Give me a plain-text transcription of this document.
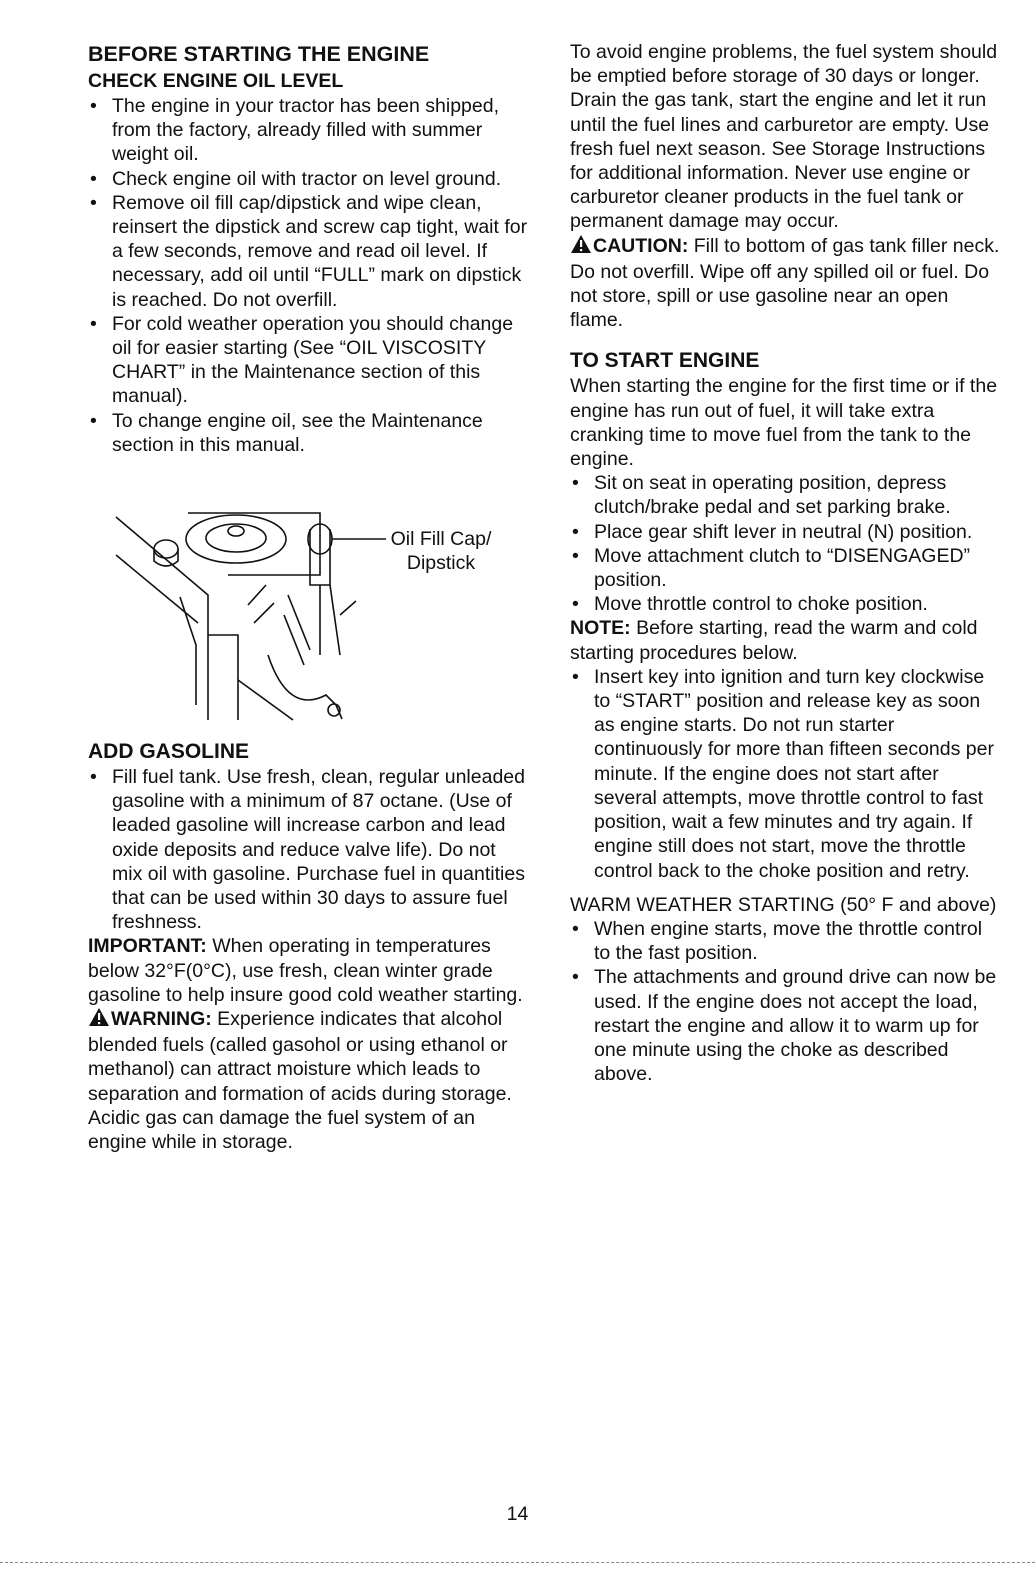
BEFORE STARTING THE ENGINE
CHECK ENGINE OIL LEVEL
• The engine in your tractor has been shipped, from the factory, already filled with summer weight oil.
• Check engine oil with tractor on level ground.
• Remove oil fill cap/dipstick and wipe clean, reinsert the dipstick and screw cap tight, wait for a few seconds, remove and read oil level. If necessary, add oil until “FULL” mark on dipstick is reached. Do not overfill.
• For cold weather operation you should change oil for easier starting (See “OIL VISCOSITY CHART” in the Maintenance section of this manual).
• To change engine oil, see the Maintenance section in this manual.
Oil Fill Cap/ Dipstick
ADD GASOLINE
• Fill fuel tank. Use fresh, clean, regular unleaded gasoline with a minimum of 87 octane. (Use of leaded gasoline will increase carbon and lead oxide deposits and reduce valve life). Do not mix oil with gasoline. Purchase fuel in quantities that can be used within 30 days to assure fuel freshness.

IMPORTANT: When operating in temperatures below 32°F(0°C), use fresh, clean winter grade gasoline to help insure good cold weather starting.

WARNING: Experience indicates that alcohol blended fuels (called gasohol or using ethanol or methanol) can attract moisture which leads to separation and formation of acids during storage. Acidic gas can damage the fuel system of an engine while in storage.

To avoid engine problems, the fuel system should be emptied before storage of 30 days or longer. Drain the gas tank, start the engine and let it run until the fuel lines and carburetor are empty. Use fresh fuel next season. See Storage Instructions for additional information. Never use engine or carburetor cleaner products in the fuel tank or permanent damage may occur.

CAUTION: Fill to bottom of gas tank filler neck. Do not overfill. Wipe off any spilled oil or fuel. Do not store, spill or use gasoline near an open flame.

TO START ENGINE

When starting the engine for the first time or if the engine has run out of fuel, it will take extra cranking time to move fuel from the tank to the engine.

• Sit on seat in operating position, depress clutch/brake pedal and set parking brake.
• Place gear shift lever in neutral (N) position.
• Move attachment clutch to “DISENGAGED” position.
• Move throttle control to choke position.

NOTE: Before starting, read the warm and cold starting procedures below.

• Insert key into ignition and turn key clockwise to “START” position and release key as soon as engine starts. Do not run starter continuously for more than fifteen seconds per minute. If the engine does not start after several attempts, move throttle control to fast position, wait a few minutes and try again. If engine still does not start, move the throttle control back to the choke position and retry.

WARM WEATHER STARTING (50° F and above)

• When engine starts, move the throttle control to the fast position.
• The attachments and ground drive can now be used. If the engine does not accept the load, restart the engine and allow it to warm up for one minute using the choke as described above.
14
